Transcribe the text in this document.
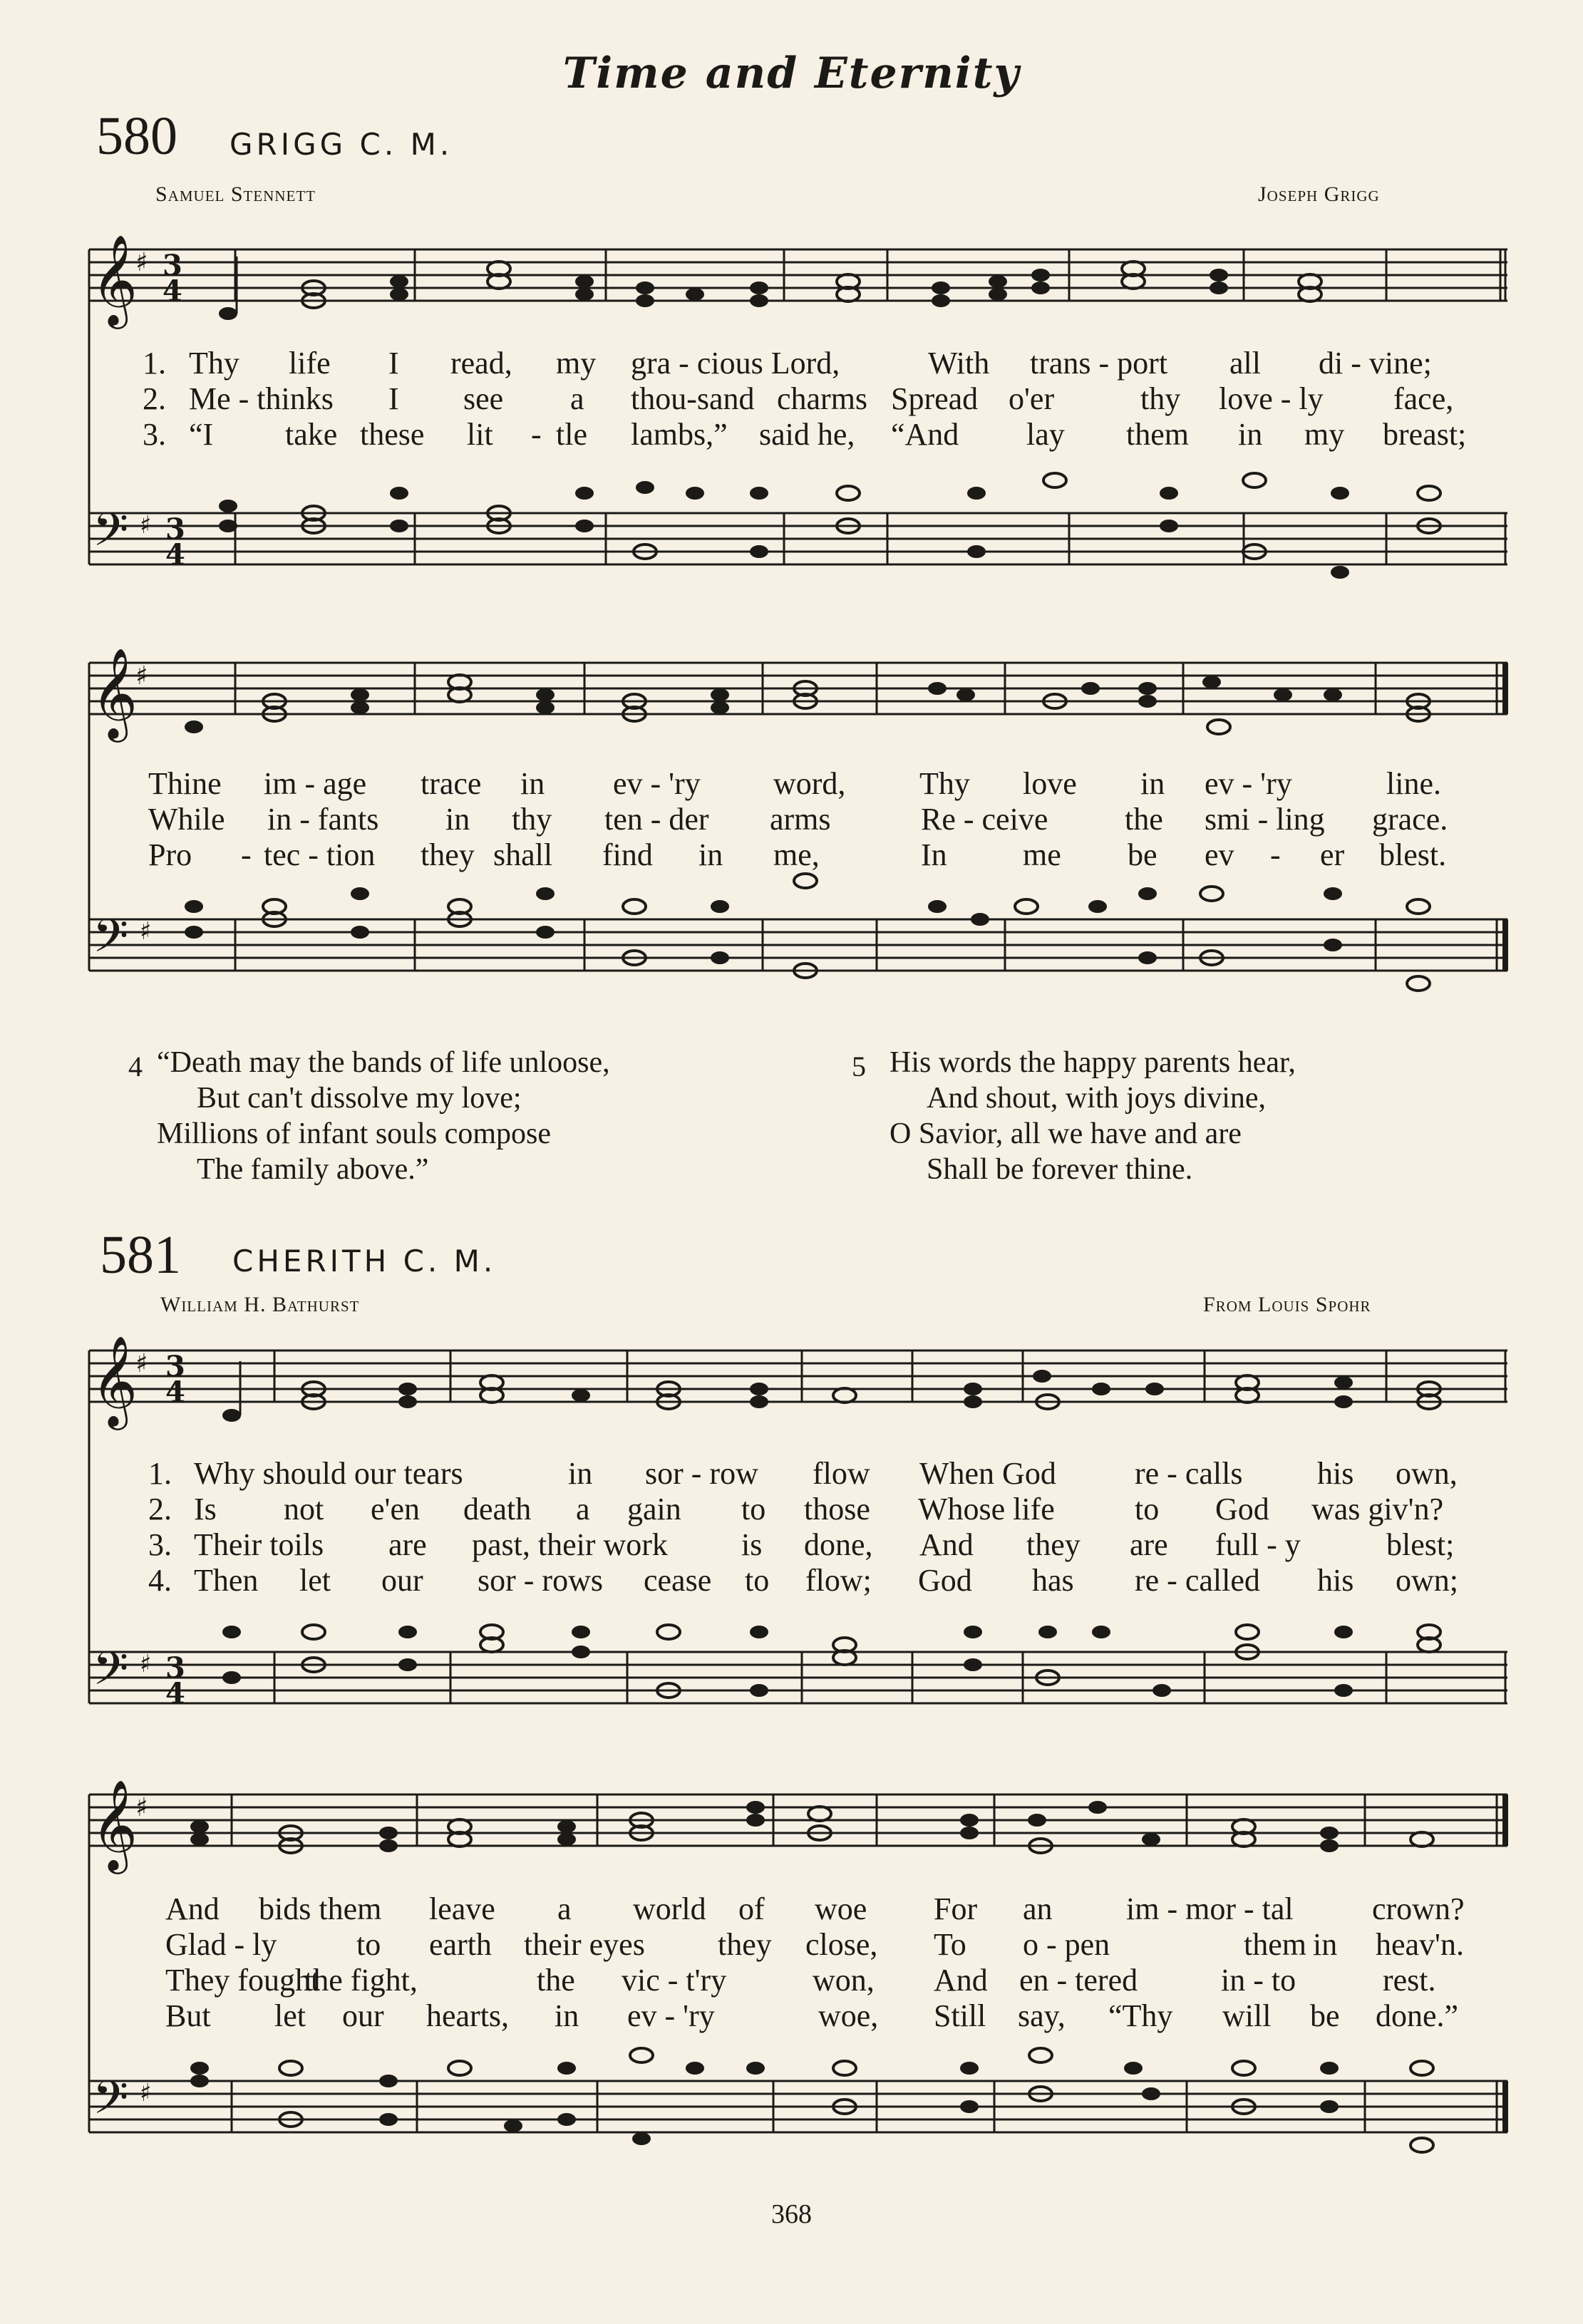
Time and Eternity
580 GRIGG C. M.
Samuel Stennett	Joseph Grigg
𝄞
♯ 3
4
𝄢 ♯ 3
4
1. Thy life I read, my gra - cious Lord,	With trans - port all di - vine;
2. Me - thinks I see a thou-sand charms Spread o'er	thy love - ly face,
3. “I take these lit - tle lambs,” said he, “And lay them in my breast;
𝄞
♯
𝄢 ♯
Thine im - age trace in ev - 'ry word, Thy love in ev - 'ry	line.
While in - fants in thy ten - der arms	Re - ceive the smi - ling grace.
Pro - tec - tion they shall find in me,	In me be ev - er blest.
4 “Death may the bands of life unloose,
But can't dissolve my love;
Millions of infant souls compose
The family above.”
5 His words the happy parents hear,
And shout, with joys divine,
O Savior, all we have and are
Shall be forever thine.
581 CHERITH C. M.
William H. Bathurst	From Louis Spohr
𝄞
♯ 3
4
𝄢 ♯ 3
4
1. Why should our tears	in sor - row flow When God	re - calls his own,
2. Is not e'en death a gain to those Whose life	to God was giv'n?
3. Their toils are past, their work is done, And they are full - y	blest;
4. Then let our sor - rows cease to flow; God has re - called his own;
𝄞
♯
𝄢 ♯
And bids them leave a world of woe For an im - mor - tal	crown?
Glad - ly	to earth their eyes they close, To o - pen	them in heav'n.
They fought
the fight,	the vic - t'ry	won, And en - tered	in - to	rest.
But let our hearts, in ev - 'ry	woe, Still say, “Thy will be done.”
368
